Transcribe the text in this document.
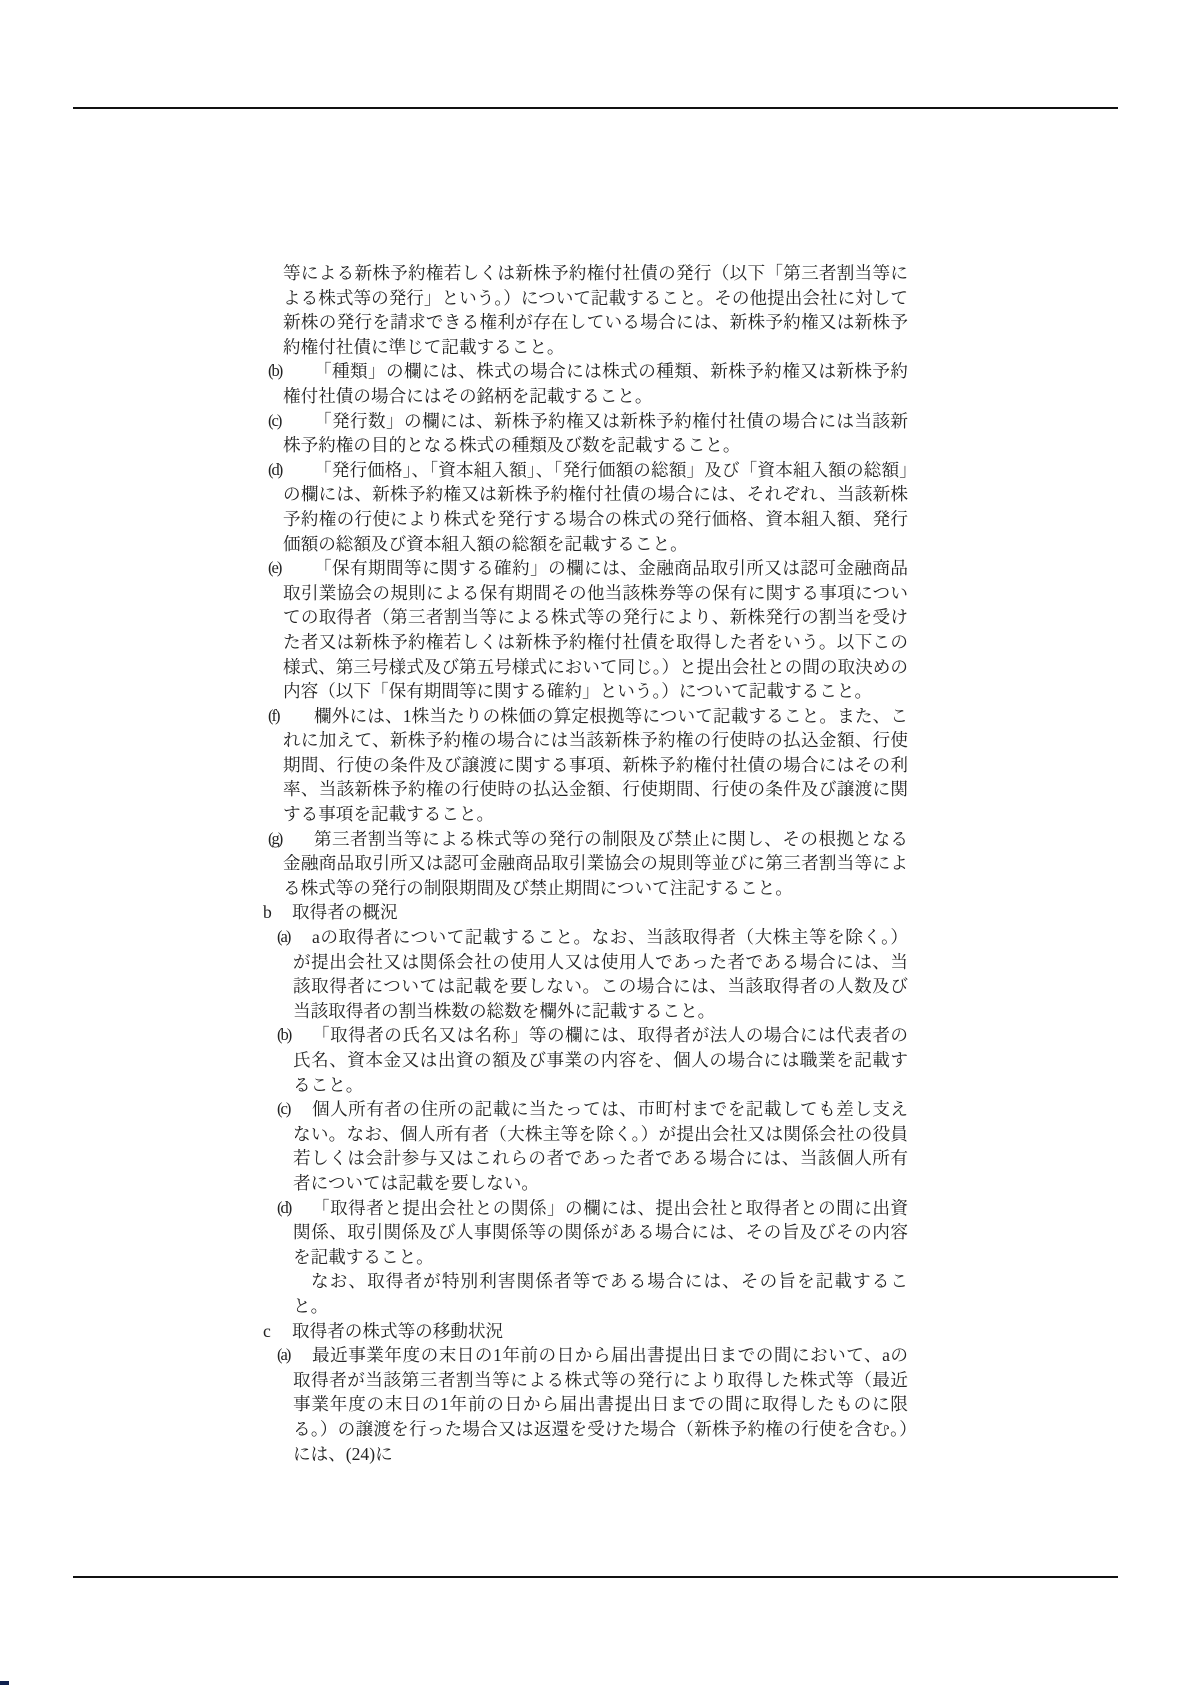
等による新株予約権若しくは新株予約権付社債の発行（以下「第三者割当等による株式等の発行」という。）について記載すること。その他提出会社に対して新株の発行を請求できる権利が存在している場合には、新株予約権又は新株予約権付社債に準じて記載すること。
(b) 「種類」の欄には、株式の場合には株式の種類、新株予約権又は新株予約権付社債の場合にはその銘柄を記載すること。
(c) 「発行数」の欄には、新株予約権又は新株予約権付社債の場合には当該新株予約権の目的となる株式の種類及び数を記載すること。
(d) 「発行価格」、「資本組入額」、「発行価額の総額」及び「資本組入額の総額」の欄には、新株予約権又は新株予約権付社債の場合には、それぞれ、当該新株予約権の行使により株式を発行する場合の株式の発行価格、資本組入額、発行価額の総額及び資本組入額の総額を記載すること。
(e) 「保有期間等に関する確約」の欄には、金融商品取引所又は認可金融商品取引業協会の規則による保有期間その他当該株券等の保有に関する事項についての取得者（第三者割当等による株式等の発行により、新株発行の割当を受けた者又は新株予約権若しくは新株予約権付社債を取得した者をいう。以下この様式、第三号様式及び第五号様式において同じ。）と提出会社との間の取決めの内容（以下「保有期間等に関する確約」という。）について記載すること。
(f) 欄外には、1株当たりの株価の算定根拠等について記載すること。また、これに加えて、新株予約権の場合には当該新株予約権の行使時の払込金額、行使期間、行使の条件及び譲渡に関する事項、新株予約権付社債の場合にはその利率、当該新株予約権の行使時の払込金額、行使期間、行使の条件及び譲渡に関する事項を記載すること。
(g) 第三者割当等による株式等の発行の制限及び禁止に関し、その根拠となる金融商品取引所又は認可金融商品取引業協会の規則等並びに第三者割当等による株式等の発行の制限期間及び禁止期間について注記すること。
b 取得者の概況
(a) aの取得者について記載すること。なお、当該取得者（大株主等を除く。）が提出会社又は関係会社の使用人又は使用人であった者である場合には、当該取得者については記載を要しない。この場合には、当該取得者の人数及び当該取得者の割当株数の総数を欄外に記載すること。
(b) 「取得者の氏名又は名称」等の欄には、取得者が法人の場合には代表者の氏名、資本金又は出資の額及び事業の内容を、個人の場合には職業を記載すること。
(c) 個人所有者の住所の記載に当たっては、市町村までを記載しても差し支えない。なお、個人所有者（大株主等を除く。）が提出会社又は関係会社の役員若しくは会計参与又はこれらの者であった者である場合には、当該個人所有者については記載を要しない。
(d) 「取得者と提出会社との関係」の欄には、提出会社と取得者との間に出資関係、取引関係及び人事関係等の関係がある場合には、その旨及びその内容を記載すること。
なお、取得者が特別利害関係者等である場合には、その旨を記載すること。
c 取得者の株式等の移動状況
(a) 最近事業年度の末日の1年前の日から届出書提出日までの間において、aの取得者が当該第三者割当等による株式等の発行により取得した株式等（最近事業年度の末日の1年前の日から届出書提出日までの間に取得したものに限る。）の譲渡を行った場合又は返還を受けた場合（新株予約権の行使を含む。）には、(24)に
